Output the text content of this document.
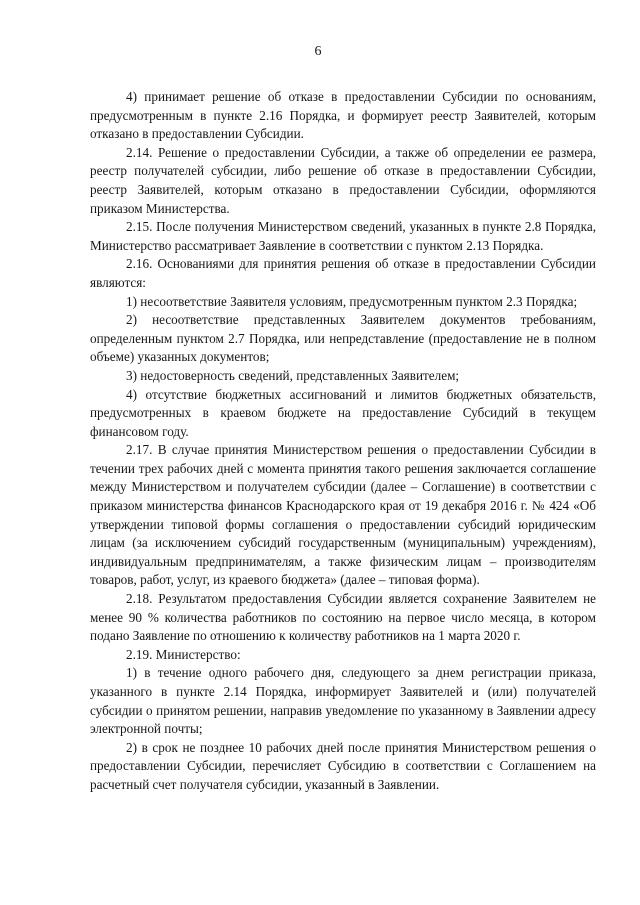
6

4) принимает решение об отказе в предоставлении Субсидии по основаниям, предусмотренным в пункте 2.16 Порядка, и формирует реестр Заявителей, которым отказано в предоставлении Субсидии.

2.14. Решение о предоставлении Субсидии, а также об определении ее размера, реестр получателей субсидии, либо решение об отказе в предоставлении Субсидии, реестр Заявителей, которым отказано в предоставлении Субсидии, оформляются приказом Министерства.

2.15. После получения Министерством сведений, указанных в пункте 2.8 Порядка, Министерство рассматривает Заявление в соответствии с пунктом 2.13 Порядка.

2.16. Основаниями для принятия решения об отказе в предоставлении Субсидии являются:

1) несоответствие Заявителя условиям, предусмотренным пунктом 2.3 Порядка;

2) несоответствие представленных Заявителем документов требованиям, определенным пунктом 2.7 Порядка, или непредставление (предоставление не в полном объеме) указанных документов;

3) недостоверность сведений, представленных Заявителем;

4) отсутствие бюджетных ассигнований и лимитов бюджетных обязательств, предусмотренных в краевом бюджете на предоставление Субсидий в текущем финансовом году.

2.17. В случае принятия Министерством решения о предоставлении Субсидии в течении трех рабочих дней с момента принятия такого решения заключается соглашение между Министерством и получателем субсидии (далее – Соглашение) в соответствии с приказом министерства финансов Краснодарского края от 19 декабря 2016 г. № 424 «Об утверждении типовой формы соглашения о предоставлении субсидий юридическим лицам (за исключением субсидий государственным (муниципальным) учреждениям), индивидуальным предпринимателям, а также физическим лицам – производителям товаров, работ, услуг, из краевого бюджета» (далее – типовая форма).

2.18. Результатом предоставления Субсидии является сохранение Заявителем не менее 90 % количества работников по состоянию на первое число месяца, в котором подано Заявление по отношению к количеству работников на 1 марта 2020 г.

2.19. Министерство:

1) в течение одного рабочего дня, следующего за днем регистрации приказа, указанного в пункте 2.14 Порядка, информирует Заявителей и (или) получателей субсидии о принятом решении, направив уведомление по указанному в Заявлении адресу электронной почты;

2) в срок не позднее 10 рабочих дней после принятия Министерством решения о предоставлении Субсидии, перечисляет Субсидию в соответствии с Соглашением на расчетный счет получателя субсидии, указанный в Заявлении.
